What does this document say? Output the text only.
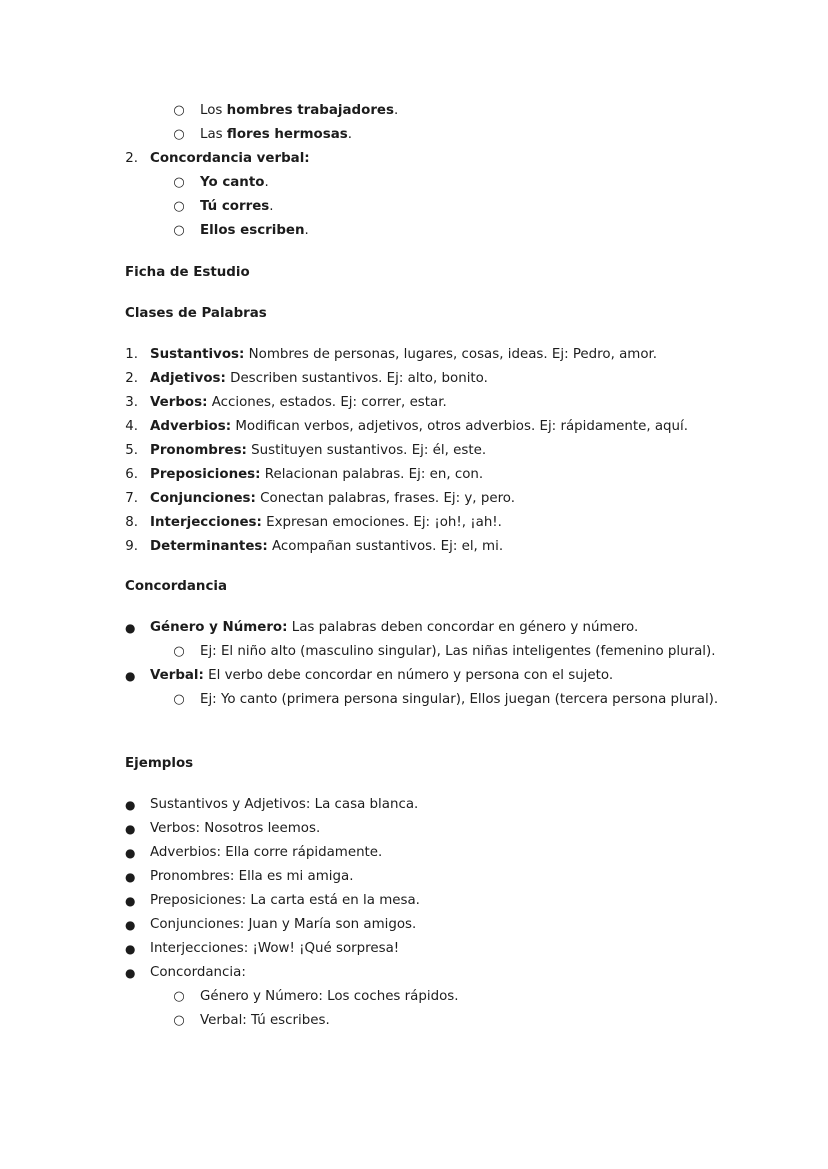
○ Los hombres trabajadores.
○ Las flores hermosas.
2. Concordancia verbal:
○ Yo canto.
○ Tú corres.
○ Ellos escriben.
Ficha de Estudio
Clases de Palabras
1. Sustantivos: Nombres de personas, lugares, cosas, ideas. Ej: Pedro, amor.
2. Adjetivos: Describen sustantivos. Ej: alto, bonito.
3. Verbos: Acciones, estados. Ej: correr, estar.
4. Adverbios: Modifican verbos, adjetivos, otros adverbios. Ej: rápidamente, aquí.
5. Pronombres: Sustituyen sustantivos. Ej: él, este.
6. Preposiciones: Relacionan palabras. Ej: en, con.
7. Conjunciones: Conectan palabras, frases. Ej: y, pero.
8. Interjecciones: Expresan emociones. Ej: ¡oh!, ¡ah!.
9. Determinantes: Acompañan sustantivos. Ej: el, mi.
Concordancia
● Género y Número: Las palabras deben concordar en género y número.
○ Ej: El niño alto (masculino singular), Las niñas inteligentes (femenino plural).
● Verbal: El verbo debe concordar en número y persona con el sujeto.
○ Ej: Yo canto (primera persona singular), Ellos juegan (tercera persona plural).
Ejemplos
● Sustantivos y Adjetivos: La casa blanca.
● Verbos: Nosotros leemos.
● Adverbios: Ella corre rápidamente.
● Pronombres: Ella es mi amiga.
● Preposiciones: La carta está en la mesa.
● Conjunciones: Juan y María son amigos.
● Interjecciones: ¡Wow! ¡Qué sorpresa!
● Concordancia:
○ Género y Número: Los coches rápidos.
○ Verbal: Tú escribes.
